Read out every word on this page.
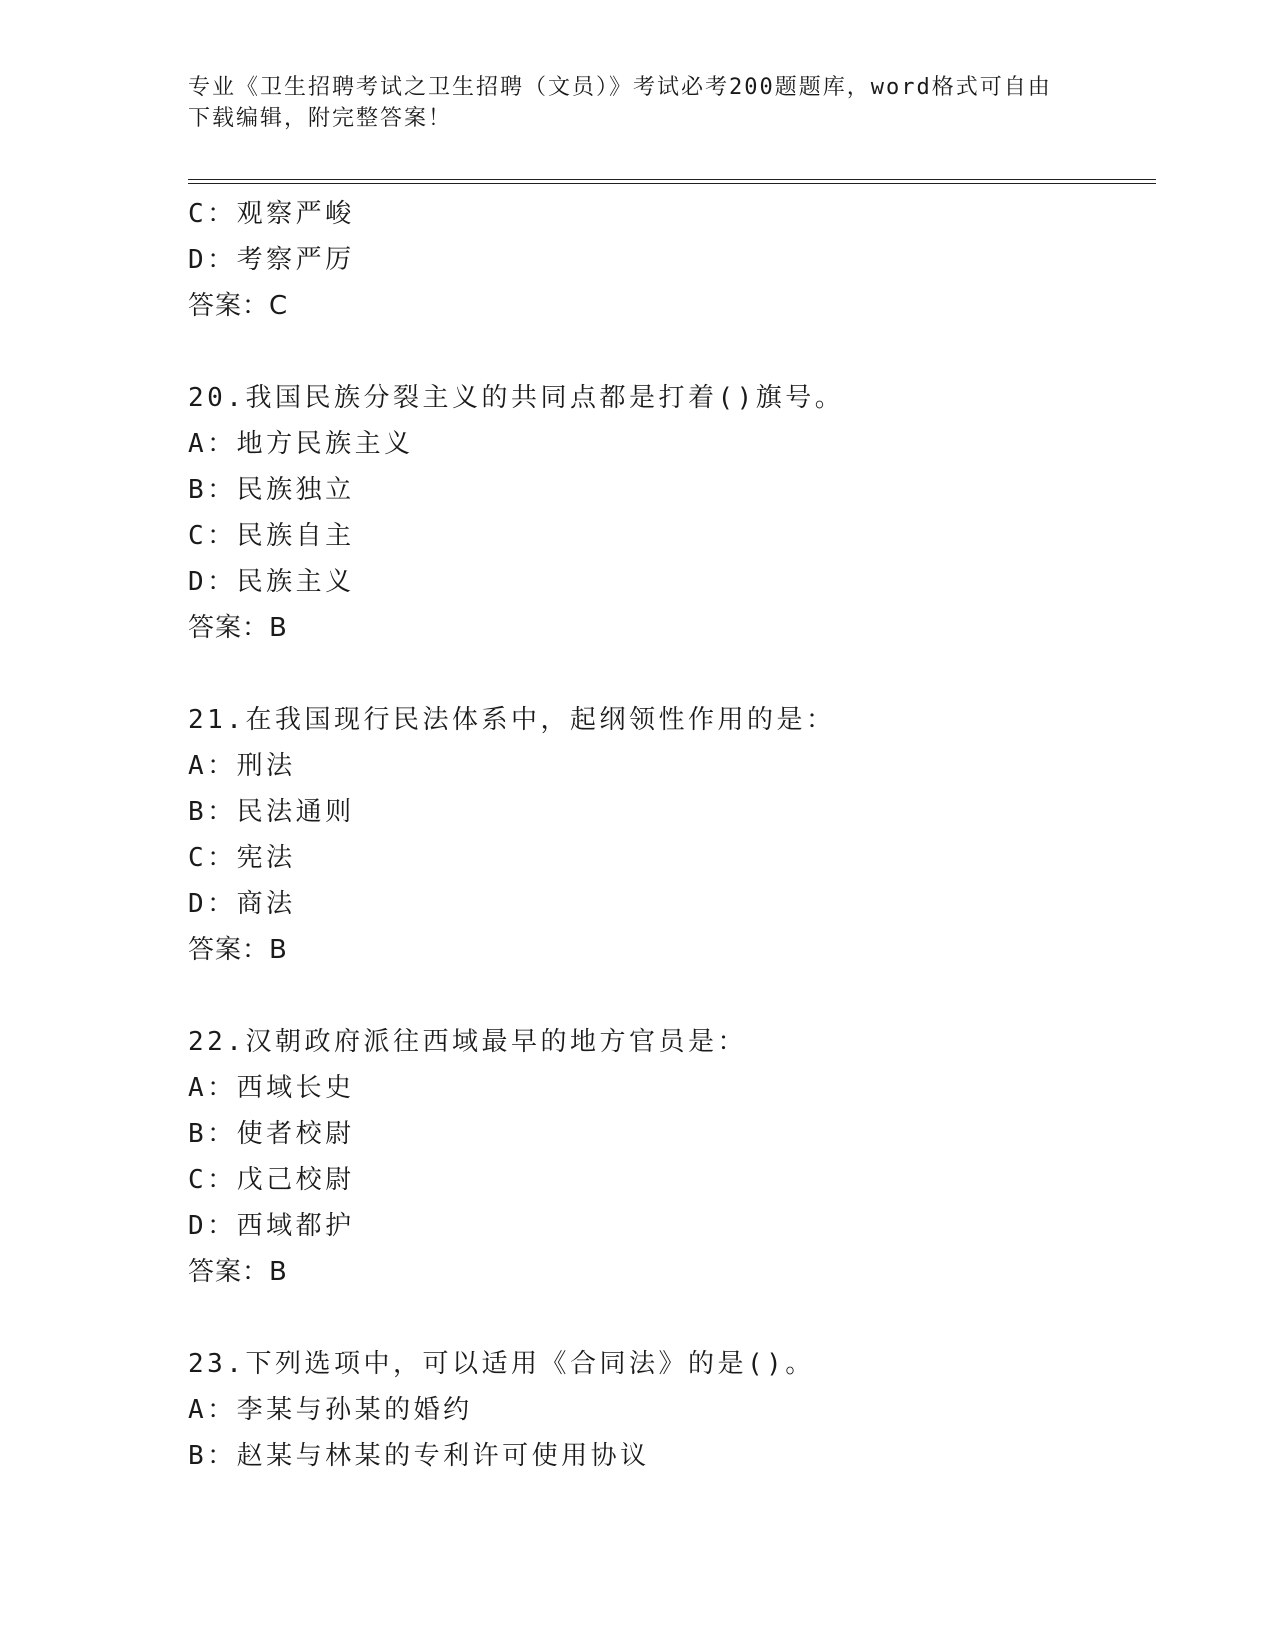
专业《卫生招聘考试之卫生招聘（文员）》考试必考200题题库，word格式可自由下载编辑，附完整答案！
C：观察严峻
D：考察严厉
答案：C
20.我国民族分裂主义的共同点都是打着()旗号。
A：地方民族主义
B：民族独立
C：民族自主
D：民族主义
答案：B
21.在我国现行民法体系中，起纲领性作用的是：
A：刑法
B：民法通则
C：宪法
D：商法
答案：B
22.汉朝政府派往西域最早的地方官员是：
A：西域长史
B：使者校尉
C：戊己校尉
D：西域都护
答案：B
23.下列选项中，可以适用《合同法》的是()。
A：李某与孙某的婚约
B：赵某与林某的专利许可使用协议
